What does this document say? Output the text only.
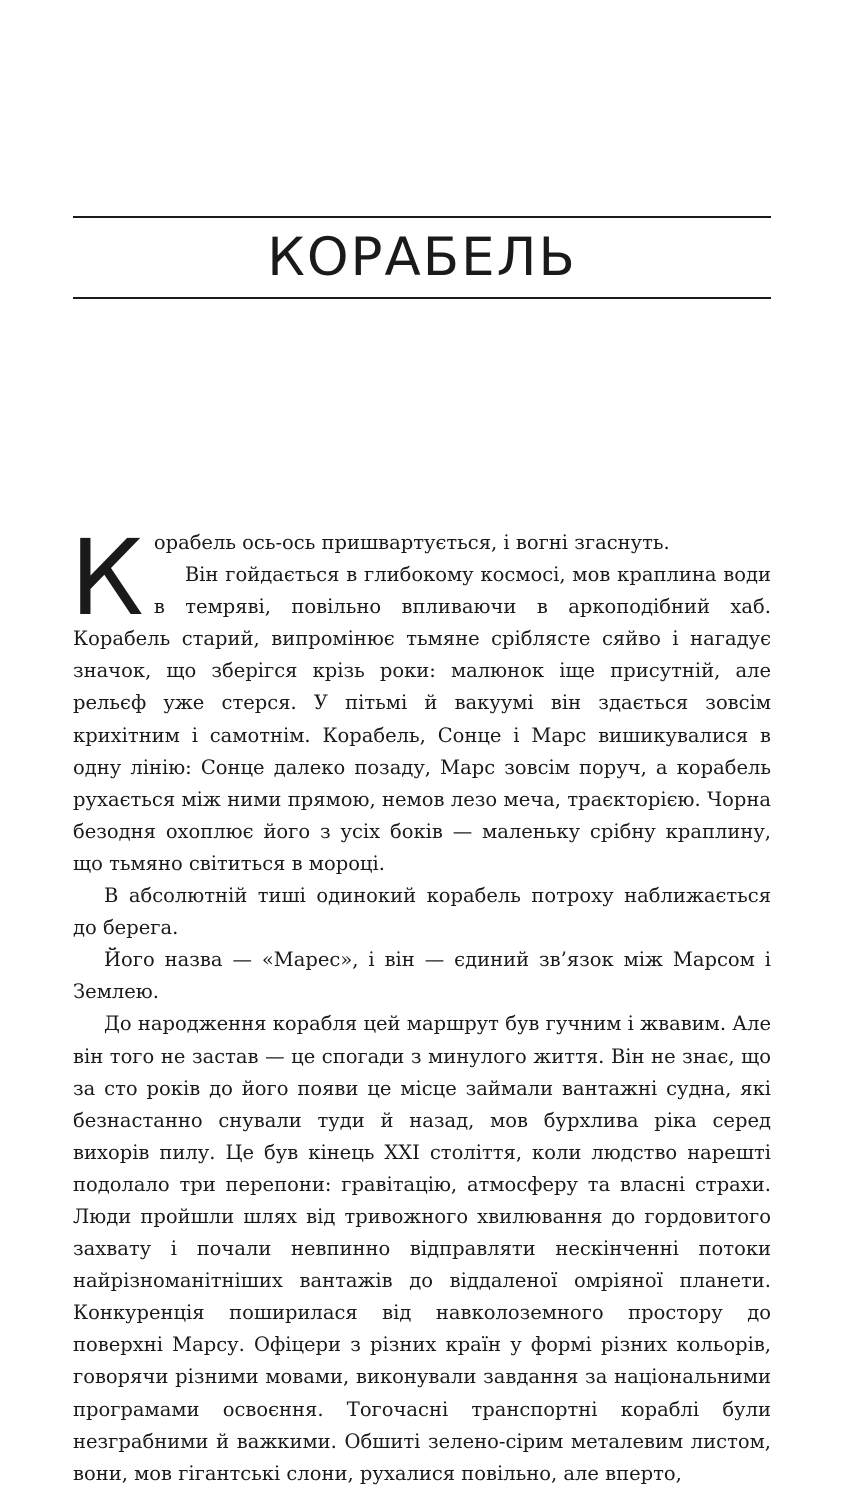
КОРАБЕЛЬ

Корабель ось-ось пришвартується, і вогні згаснуть.

Він гойдається в глибокому космосі, мов краплина води в темряві, повільно впливаючи в аркоподібний хаб. Корабель старий, випромінює тьмяне сріблясте сяйво і нагадує значок, що зберігся крізь роки: малюнок іще присутній, але рельєф уже стерся. У пітьмі й вакуумі він здається зовсім крихітним і самотнім. Корабель, Сонце і Марс вишикувалися в одну лінію: Сонце далеко позаду, Марс зовсім поруч, а корабель рухається між ними прямою, немов лезо меча, траєкторією. Чорна безодня охоплює його з усіх боків — маленьку срібну краплину, що тьмяно світиться в мороці.

В абсолютній тиші одинокий корабель потроху наближається до берега.

Його назва — «Марес», і він — єдиний зв’язок між Марсом і Землею.

До народження корабля цей маршрут був гучним і жвавим. Але він того не застав — це спогади з минулого життя. Він не знає, що за сто років до його появи це місце займали вантажні судна, які безнастанно снували туди й назад, мов бурхлива ріка серед вихорів пилу. Це був кінець XXI століття, коли людство нарешті подолало три перепони: гравітацію, атмосферу та власні страхи. Люди пройшли шлях від тривожного хвилювання до гордовитого захвату і почали невпинно відправляти нескінченні потоки найрізноманітніших вантажів до віддаленої омріяної планети. Конкуренція поширилася від навколоземного простору до поверхні Марсу. Офіцери з різних країн у формі різних кольорів, говорячи різними мовами, виконували завдання за національними програмами освоєння. Тогочасні транспортні кораблі були незграбними й важкими. Обшиті зелено-сірим металевим листом, вони, мов гігантські слони, рухалися повільно, але вперто,
